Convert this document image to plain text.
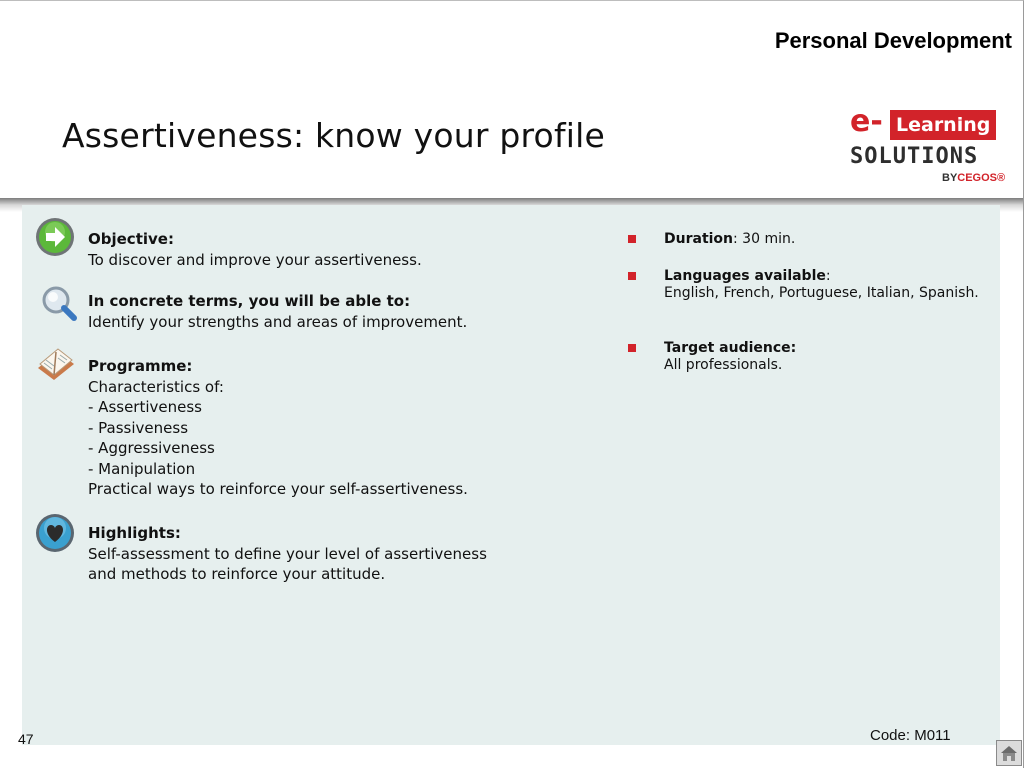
Personal Development
Assertiveness: know your profile	e- Learning
SOLUTIONS
BYCEGOS®
Objective:
To discover and improve your assertiveness.
In concrete terms, you will be able to:
Identify your strengths and areas of improvement.
Programme:
Characteristics of:
- Assertiveness
- Passiveness
- Aggressiveness
- Manipulation
Practical ways to reinforce your self-assertiveness.
Highlights:
Self-assessment to define your level of assertiveness
and methods to reinforce your attitude.
Duration: 30 min.
Languages available:
English, French, Portuguese, Italian, Spanish.
Target audience:
All professionals.
Code: M011
47
